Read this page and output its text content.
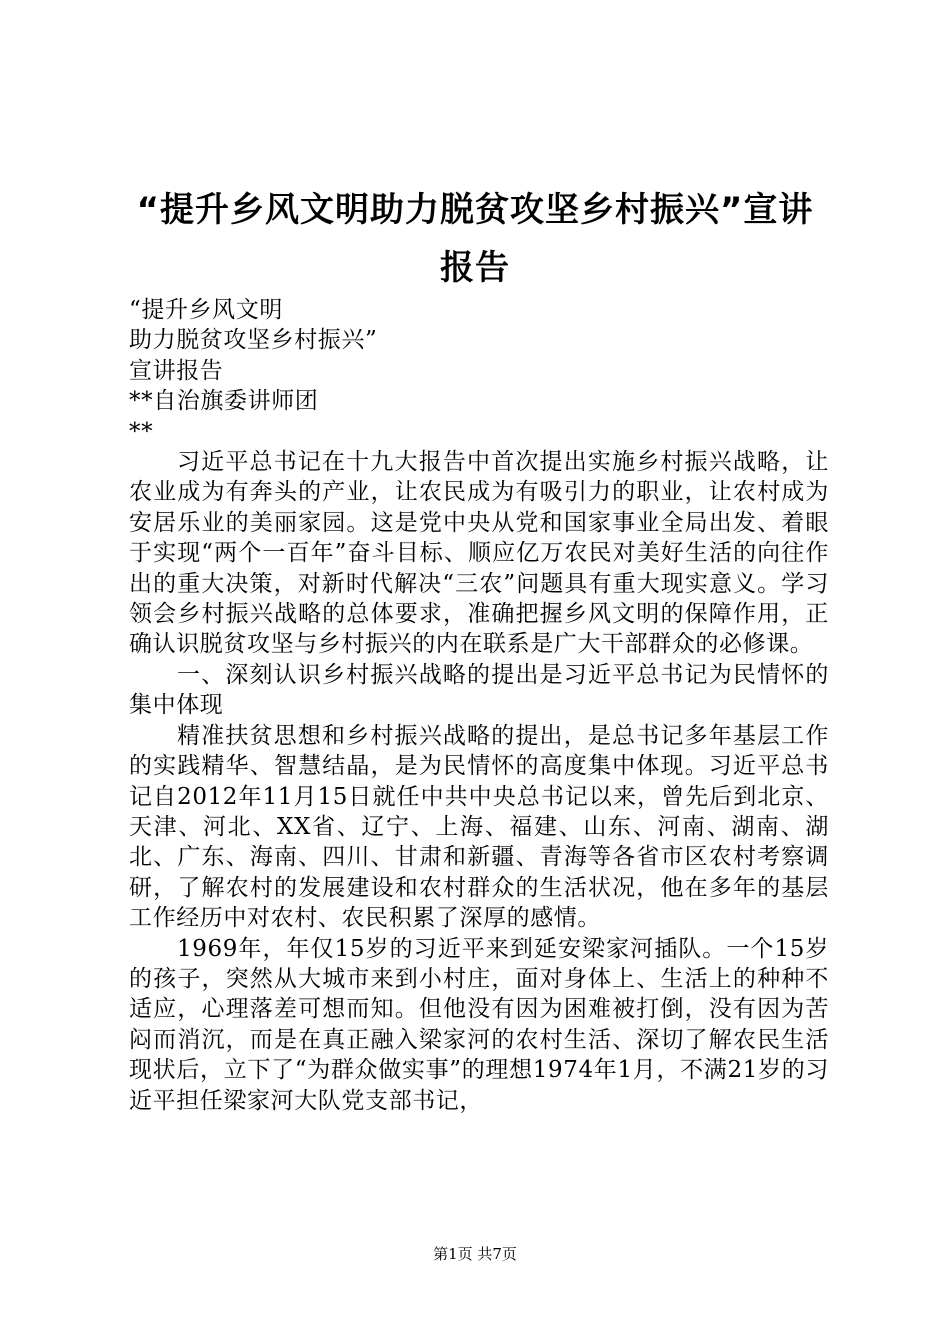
“提升乡风文明助力脱贫攻坚乡村振兴”宣讲
报告

“提升乡风文明

助力脱贫攻坚乡村振兴”

宣讲报告

**自治旗委讲师团

**

习近平总书记在十九大报告中首次提出实施乡村振兴战略，让农业成为有奔头的产业，让农民成为有吸引力的职业，让农村成为安居乐业的美丽家园。这是党中央从党和国家事业全局出发、着眼于实现“两个一百年”奋斗目标、顺应亿万农民对美好生活的向往作出的重大决策，对新时代解决“三农”问题具有重大现实意义。学习领会乡村振兴战略的总体要求，准确把握乡风文明的保障作用，正确认识脱贫攻坚与乡村振兴的内在联系是广大干部群众的必修课。

一、深刻认识乡村振兴战略的提出是习近平总书记为民情怀的集中体现

精准扶贫思想和乡村振兴战略的提出，是总书记多年基层工作的实践精华、智慧结晶，是为民情怀的高度集中体现。习近平总书记自2012年11月15日就任中共中央总书记以来，曾先后到北京、天津、河北、XX省、辽宁、上海、福建、山东、河南、湖南、湖北、广东、海南、四川、甘肃和新疆、青海等各省市区农村考察调研，了解农村的发展建设和农村群众的生活状况，他在多年的基层工作经历中对农村、农民积累了深厚的感情。

1969年，年仅15岁的习近平来到延安梁家河插队。一个15岁的孩子，突然从大城市来到小村庄，面对身体上、生活上的种种不适应，心理落差可想而知。但他没有因为困难被打倒，没有因为苦闷而消沉，而是在真正融入梁家河的农村生活、深切了解农民生活现状后，立下了“为群众做实事”的理想1974年1月，不满21岁的习近平担任梁家河大队党支部书记，

第1页 共7页
